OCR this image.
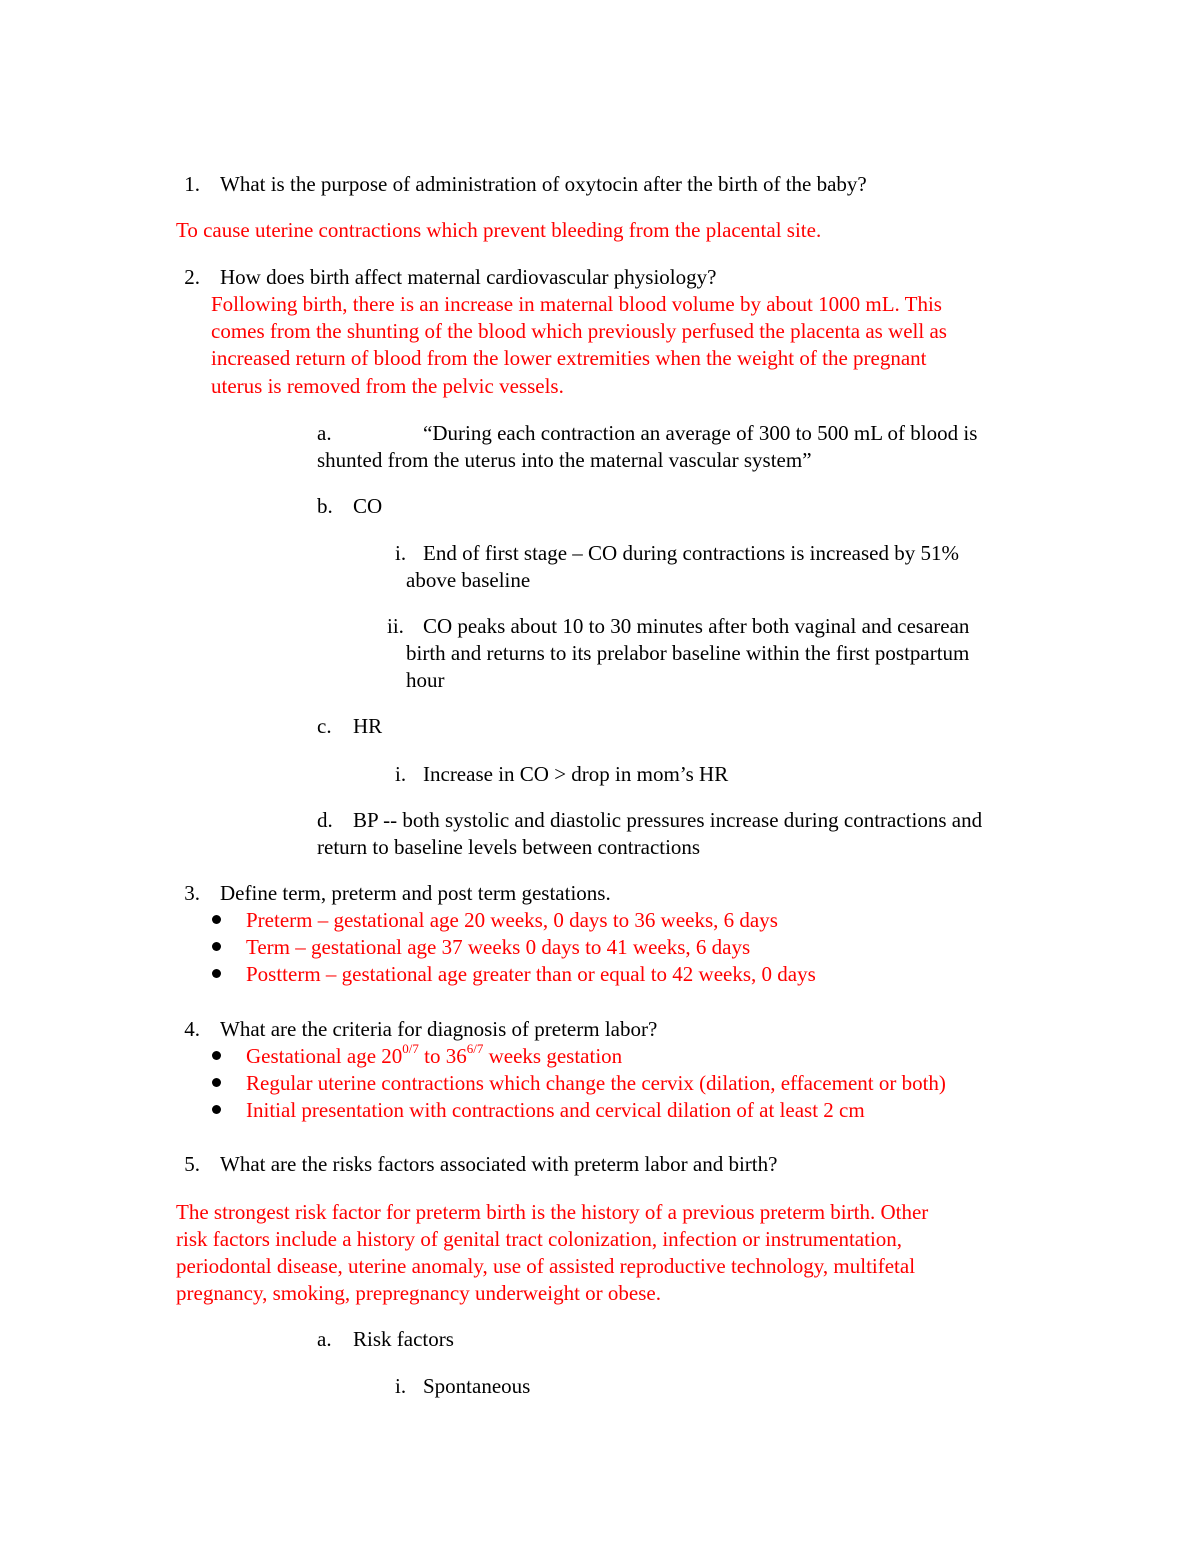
1. What is the purpose of administration of oxytocin after the birth of the baby?
To cause uterine contractions which prevent bleeding from the placental site.
2. How does birth affect maternal cardiovascular physiology?
Following birth, there is an increase in maternal blood volume by about 1000 mL. This
comes from the shunting of the blood which previously perfused the placenta as well as
increased return of blood from the lower extremities when the weight of the pregnant
uterus is removed from the pelvic vessels.
a.	“During each contraction an average of 300 to 500 mL of blood is
shunted from the uterus into the maternal vascular system”
b. CO
i. End of first stage – CO during contractions is increased by 51%
above baseline
ii. CO peaks about 10 to 30 minutes after both vaginal and cesarean
birth and returns to its prelabor baseline within the first postpartum
hour
c. HR
i. Increase in CO > drop in mom’s HR
d. BP -- both systolic and diastolic pressures increase during contractions and
return to baseline levels between contractions
3. Define term, preterm and post term gestations.
Preterm – gestational age 20 weeks, 0 days to 36 weeks, 6 days
Term – gestational age 37 weeks 0 days to 41 weeks, 6 days
Postterm – gestational age greater than or equal to 42 weeks, 0 days
4. What are the criteria for diagnosis of preterm labor?
Gestational age $20^{0/7}$ to $36^{6/7}$ weeks gestation
Regular uterine contractions which change the cervix (dilation, effacement or both)
Initial presentation with contractions and cervical dilation of at least 2 cm
5. What are the risks factors associated with preterm labor and birth?
The strongest risk factor for preterm birth is the history of a previous preterm birth. Other
risk factors include a history of genital tract colonization, infection or instrumentation,
periodontal disease, uterine anomaly, use of assisted reproductive technology, multifetal
pregnancy, smoking, prepregnancy underweight or obese.
a. Risk factors
i. Spontaneous
